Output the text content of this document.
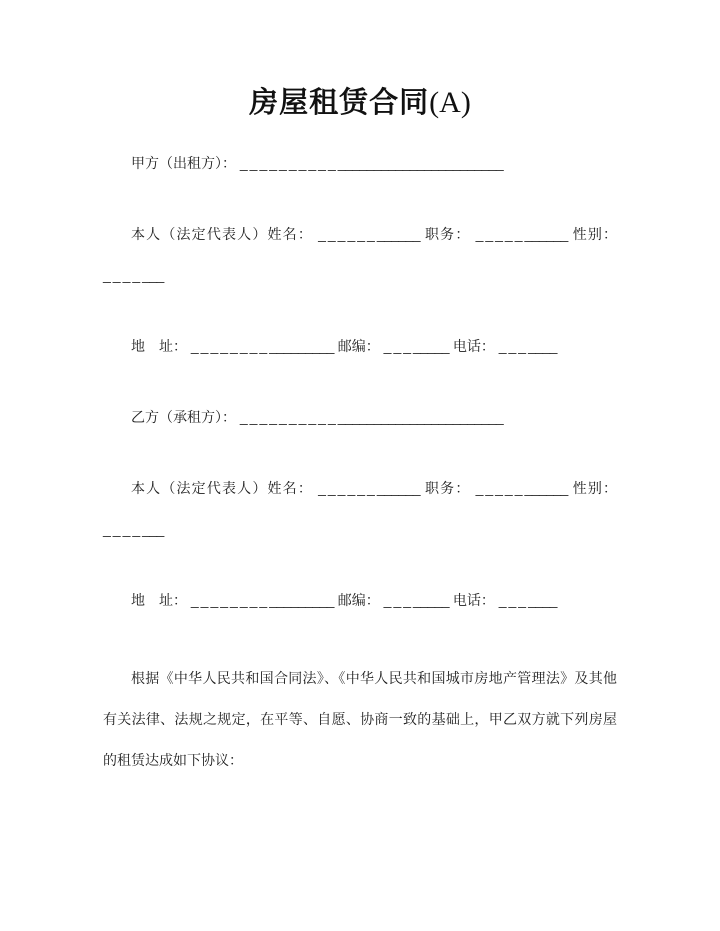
房屋租赁合同(A)

甲方（出租方）： _________________________________

本人（法定代表人）姓名： ____________ 职务： ___________ 性别： _______

地　址： _________________ 邮编： ________ 电话： _______

乙方（承租方）： _________________________________

本人（法定代表人）姓名： ____________ 职务： ___________ 性别： _______

地　址： _________________ 邮编： ________ 电话： _______

根据《中华人民共和国合同法》、《中华人民共和国城市房地产管理法》及其他有关法律、法规之规定，在平等、自愿、协商一致的基础上，甲乙双方就下列房屋的租赁达成如下协议：
